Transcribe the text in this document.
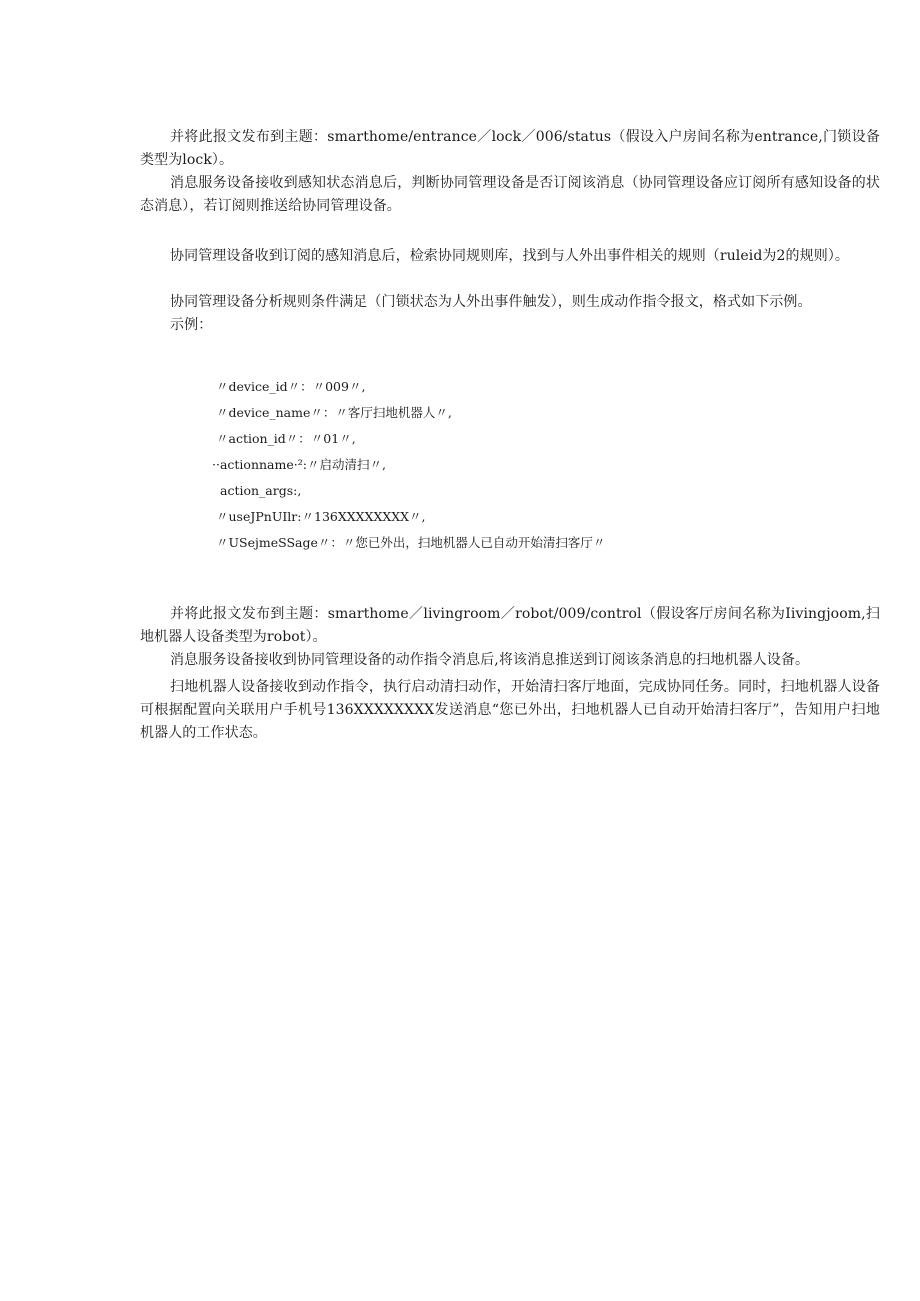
并将此报文发布到主题：smarthome/entrance／lock／006/status（假设入户房间名称为entrance,门锁设备类型为lock）。

消息服务设备接收到感知状态消息后，判断协同管理设备是否订阅该消息（协同管理设备应订阅所有感知设备的状态消息），若订阅则推送给协同管理设备。

协同管理设备收到订阅的感知消息后，检索协同规则库，找到与人外出事件相关的规则（ruleid为2的规则）。

协同管理设备分析规则条件满足（门锁状态为人外出事件触发），则生成动作指令报文，格式如下示例。

示例：

〃device_id〃：〃009〃,
〃device_name〃：〃客厅扫地机器人〃,
〃action_id〃：〃01〃,
··actionname·²:〃启动清扫〃,
action_args:,
〃useJPnUIlr:〃136XXXXXXXX〃,
〃USejmeSSage〃：〃您已外出，扫地机器人已自动开始清扫客厅〃

并将此报文发布到主题：smarthome／livingroom／robot/009/control（假设客厅房间名称为Iivingjoom,扫地机器人设备类型为robot）。

消息服务设备接收到协同管理设备的动作指令消息后,将该消息推送到订阅该条消息的扫地机器人设备。

扫地机器人设备接收到动作指令，执行启动清扫动作，开始清扫客厅地面，完成协同任务。同时，扫地机器人设备可根据配置向关联用户手机号136XXXXXXXX发送消息“您已外出，扫地机器人已自动开始清扫客厅”，告知用户扫地机器人的工作状态。
